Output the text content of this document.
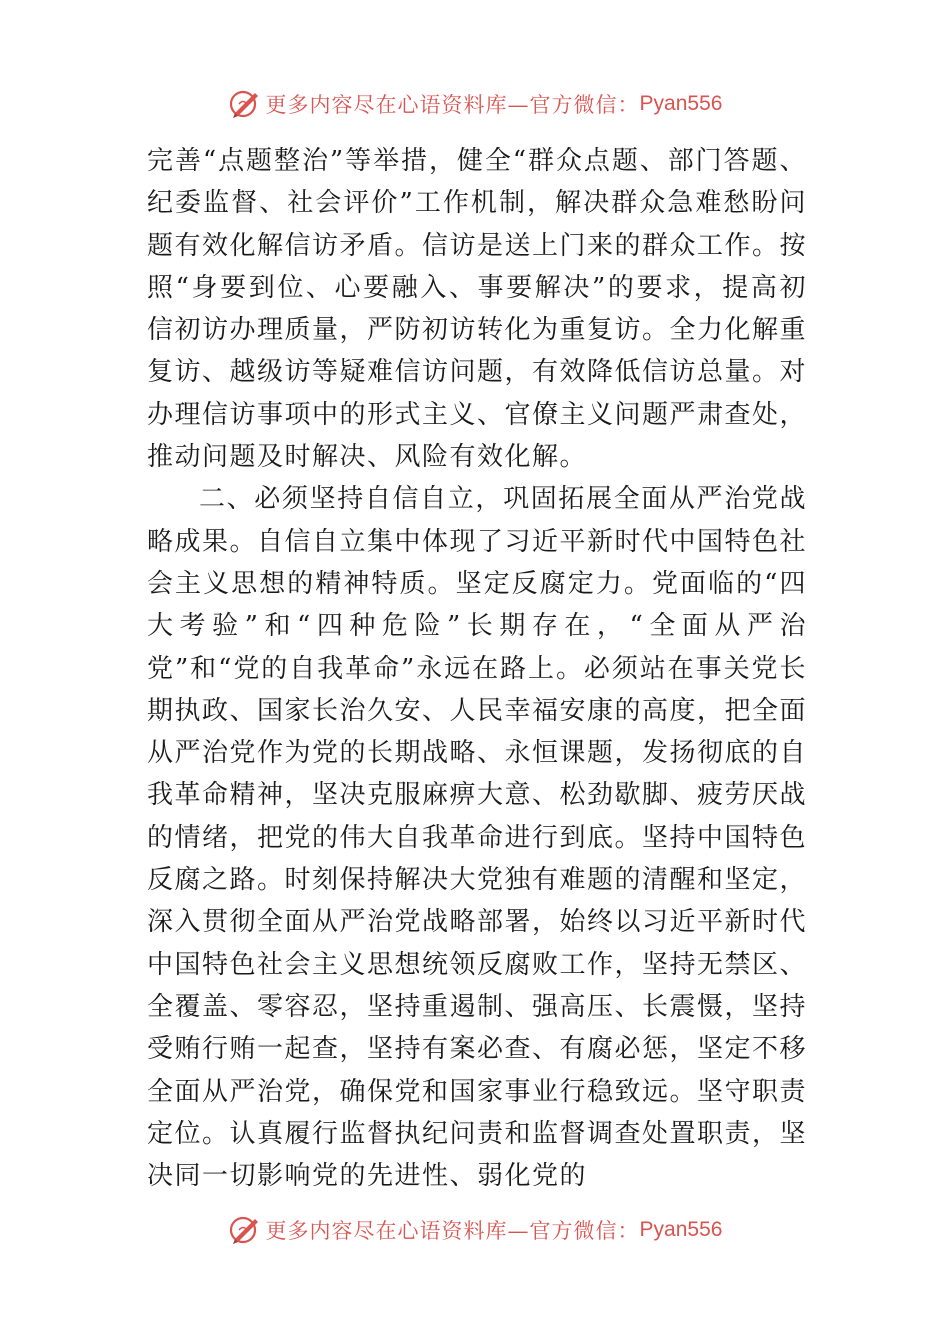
更多内容尽在心语资料库—官方微信： Pyan556

完善“点题整治”等举措，健全“群众点题、部门答题、纪委监督、社会评价”工作机制，解决群众急难愁盼问题有效化解信访矛盾。信访是送上门来的群众工作。按照“身要到位、心要融入、事要解决”的要求，提高初信初访办理质量，严防初访转化为重复访。全力化解重复访、越级访等疑难信访问题，有效降低信访总量。对办理信访事项中的形式主义、官僚主义问题严肃查处，推动问题及时解决、风险有效化解。

二、必须坚持自信自立，巩固拓展全面从严治党战略成果。自信自立集中体现了习近平新时代中国特色社会主义思想的精神特质。坚定反腐定力。党面临的“四大考验”和“四种危险”长期存在，“全面从严治党”和“党的自我革命”永远在路上。必须站在事关党长期执政、国家长治久安、人民幸福安康的高度，把全面从严治党作为党的长期战略、永恒课题，发扬彻底的自我革命精神，坚决克服麻痹大意、松劲歇脚、疲劳厌战的情绪，把党的伟大自我革命进行到底。坚持中国特色反腐之路。时刻保持解决大党独有难题的清醒和坚定，深入贯彻全面从严治党战略部署，始终以习近平新时代中国特色社会主义思想统领反腐败工作，坚持无禁区、全覆盖、零容忍，坚持重遏制、强高压、长震慑，坚持受贿行贿一起查，坚持有案必查、有腐必惩，坚定不移全面从严治党，确保党和国家事业行稳致远。坚守职责定位。认真履行监督执纪问责和监督调查处置职责，坚决同一切影响党的先进性、弱化党的

更多内容尽在心语资料库—官方微信： Pyan556
